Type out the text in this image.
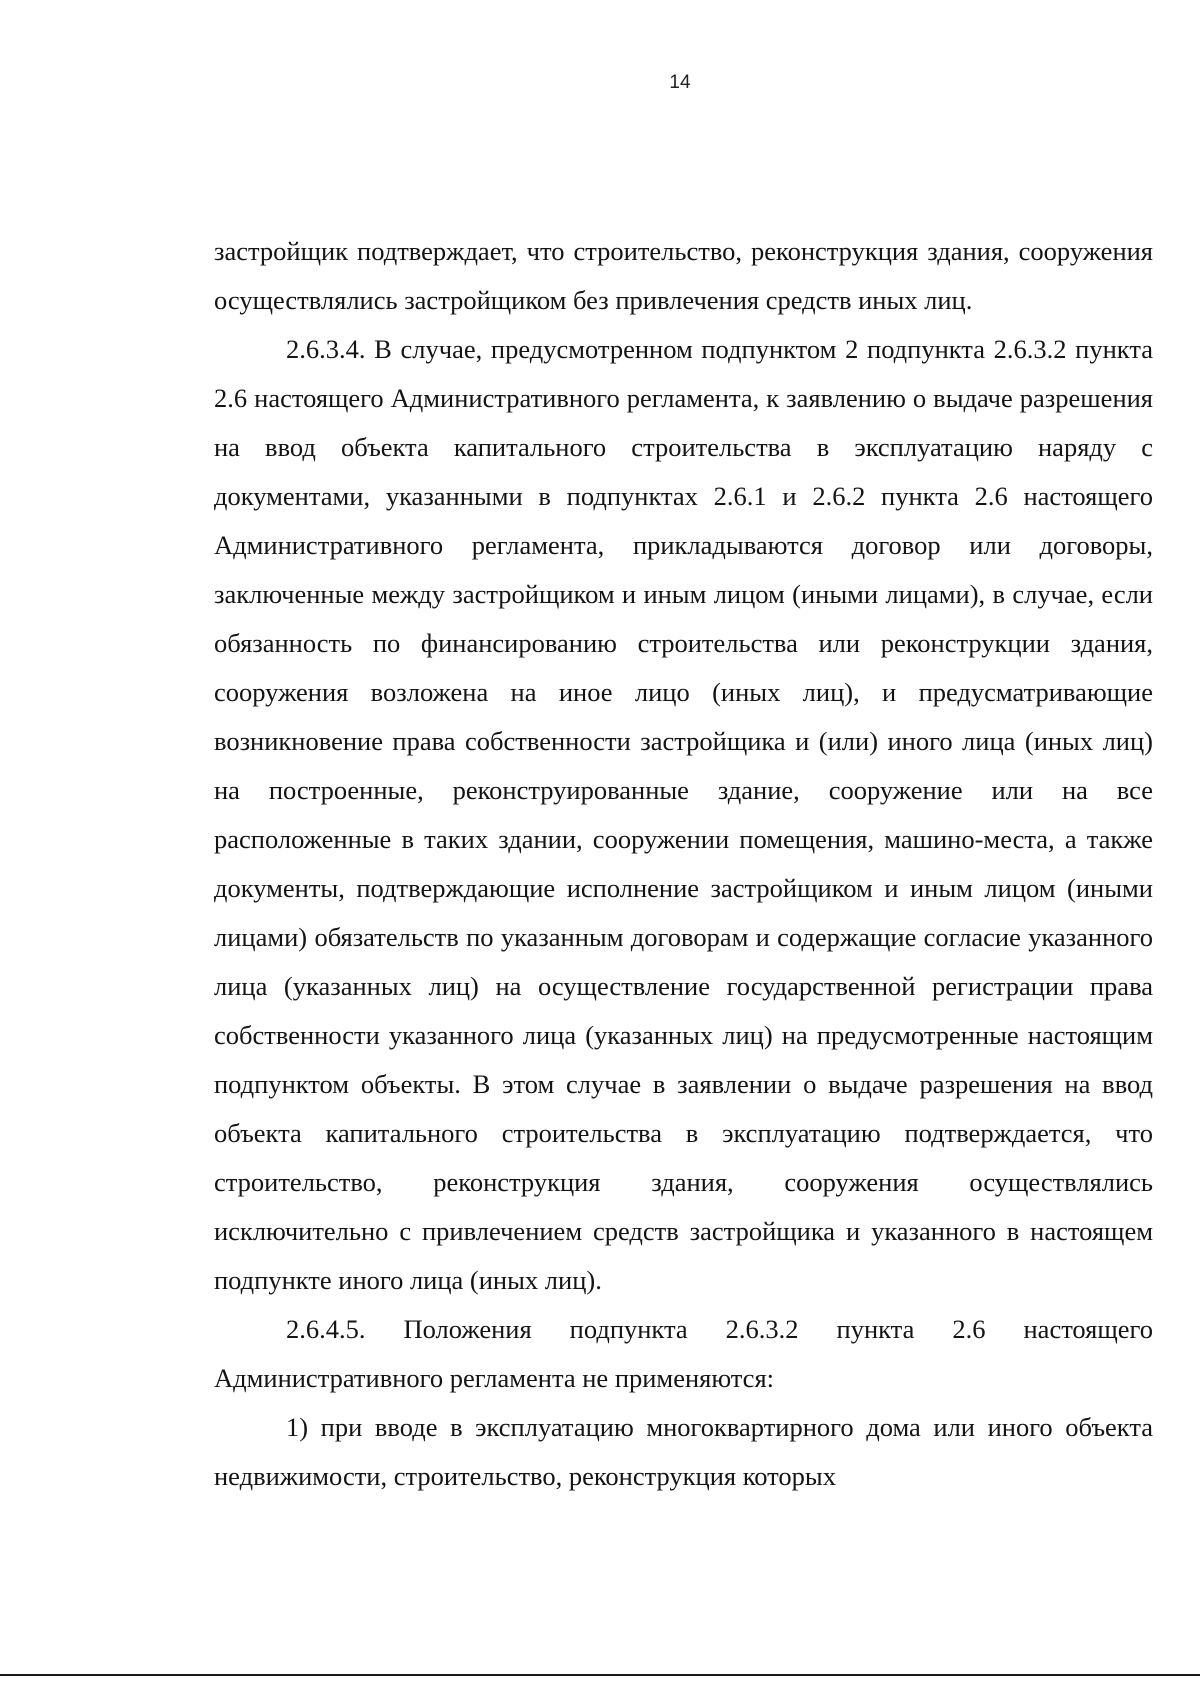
14

застройщик подтверждает, что строительство, реконструкция здания, сооружения осуществлялись застройщиком без привлечения средств иных лиц.

2.6.3.4. В случае, предусмотренном подпунктом 2 подпункта 2.6.3.2 пункта 2.6 настоящего Административного регламента, к заявлению о выдаче разрешения на ввод объекта капитального строительства в эксплуатацию наряду с документами, указанными в подпунктах 2.6.1 и 2.6.2 пункта 2.6 настоящего Административного регламента, прикладываются договор или договоры, заключенные между застройщиком и иным лицом (иными лицами), в случае, если обязанность по финансированию строительства или реконструкции здания, сооружения возложена на иное лицо (иных лиц), и предусматривающие возникновение права собственности застройщика и (или) иного лица (иных лиц) на построенные, реконструированные здание, сооружение или на все расположенные в таких здании, сооружении помещения, машино-места, а также документы, подтверждающие исполнение застройщиком и иным лицом (иными лицами) обязательств по указанным договорам и содержащие согласие указанного лица (указанных лиц) на осуществление государственной регистрации права собственности указанного лица (указанных лиц) на предусмотренные настоящим подпунктом объекты. В этом случае в заявлении о выдаче разрешения на ввод объекта капитального строительства в эксплуатацию подтверждается, что строительство, реконструкция здания, сооружения осуществлялись исключительно с привлечением средств застройщика и указанного в настоящем подпункте иного лица (иных лиц).

2.6.4.5. Положения подпункта 2.6.3.2 пункта 2.6 настоящего Административного регламента не применяются:

1) при вводе в эксплуатацию многоквартирного дома или иного объекта недвижимости, строительство, реконструкция которых
